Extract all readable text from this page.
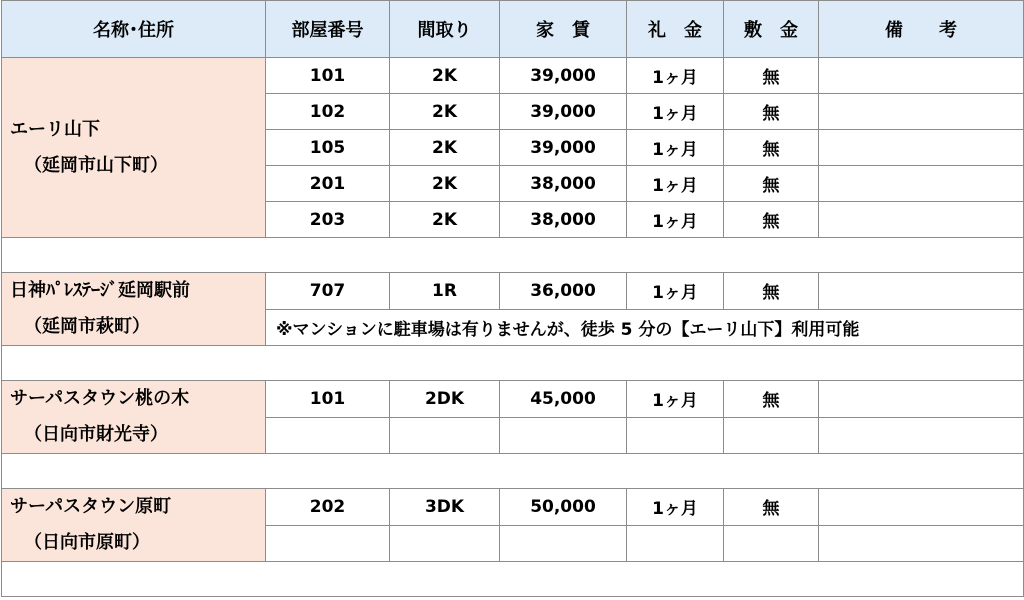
名称･住所	部屋番号	間取り	家　賃	礼　金	敷　金	備　　考

エーリ山下
（延岡市山下町）	101	2K	39,000	1ヶ月	無	
	102	2K	39,000	1ヶ月	無	
	105	2K	39,000	1ヶ月	無	
	201	2K	38,000	1ヶ月	無	
	203	2K	38,000	1ヶ月	無	

日神ﾊﾟﾚｽﾃｰｼﾞ延岡駅前
（延岡市萩町）	707	1R	36,000	1ヶ月	無	
	※マンションに駐車場は有りませんが、徒歩 5 分の【エーリ山下】利用可能					

サーパスタウン桃の木
（日向市財光寺）	101	2DK	45,000	1ヶ月	無	

サーパスタウン原町
（日向市原町）	202	3DK	50,000	1ヶ月	無	
